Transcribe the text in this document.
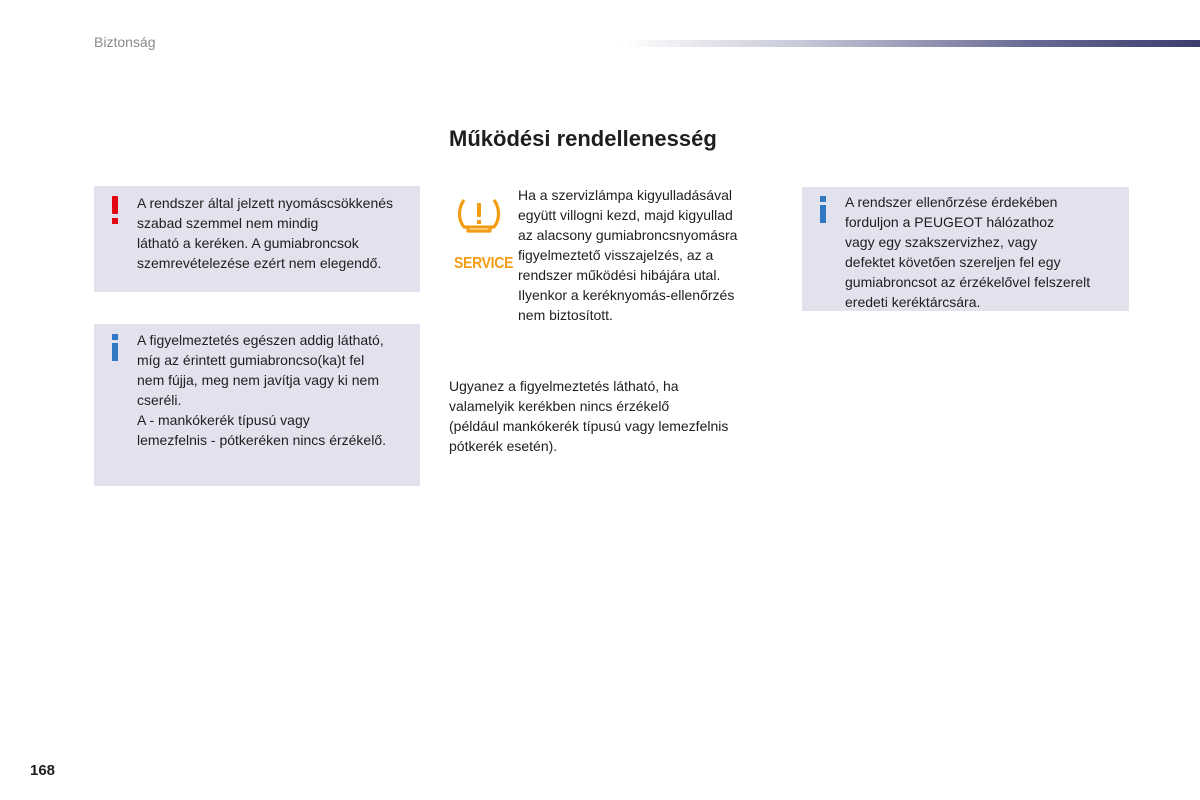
Biztonság
Működési rendellenesség
A rendszer által jelzett nyomáscsökkenés
szabad szemmel nem mindig
látható a keréken. A gumiabroncsok
szemrevételezése ezért nem elegendő.
A figyelmeztetés egészen addig látható,
míg az érintett gumiabroncso(ka)t fel
nem fújja, meg nem javítja vagy ki nem
cseréli.
A - mankókerék típusú vagy
lemezfelnis - pótkeréken nincs érzékelő.
SERVICE
Ha a szervizlámpa kigyulladásával
együtt villogni kezd, majd kigyullad
az alacsony gumiabroncsnyomásra
figyelmeztető visszajelzés, az a
rendszer működési hibájára utal.
Ilyenkor a keréknyomás-ellenőrzés
nem biztosított.
Ugyanez a figyelmeztetés látható, ha
valamelyik kerékben nincs érzékelő
(például mankókerék típusú vagy lemezfelnis
pótkerék esetén).
A rendszer ellenőrzése érdekében
forduljon a PEUGEOT hálózathoz
vagy egy szakszervizhez, vagy
defektet követően szereljen fel egy
gumiabroncsot az érzékelővel felszerelt
eredeti keréktárcsára.
168
